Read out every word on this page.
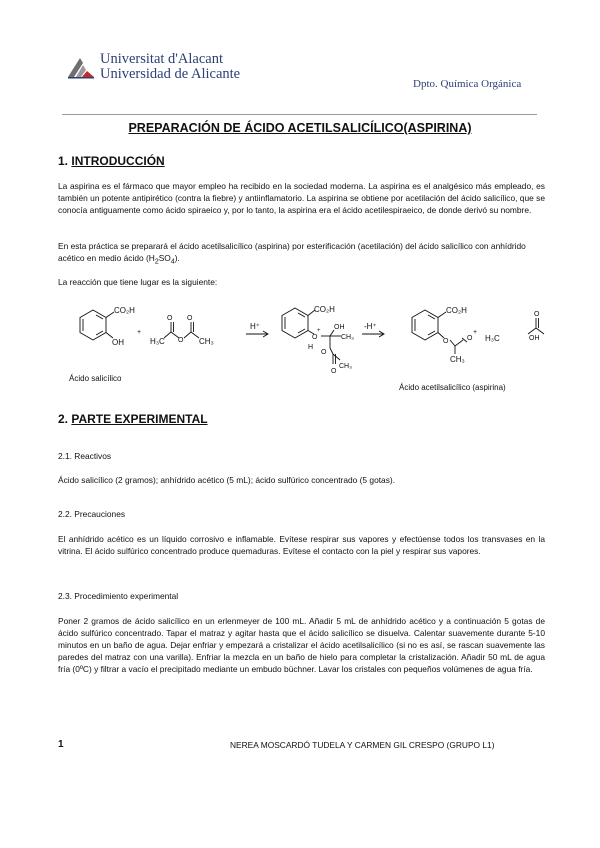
Universitat d'Alacant
Universidad de Alicante
Dpto. Química Orgánica
PREPARACIÓN DE ÁCIDO ACETILSALICÍLICO(ASPIRINA)
1. INTRODUCCIÓN
La aspirina es el fármaco que mayor empleo ha recibido en la sociedad moderna. La aspirina es el analgésico más empleado, es también un potente antipirético (contra la fiebre) y antiinflamatorio. La aspirina se obtiene por acetilación del ácido salicílico, que se conocía antiguamente como ácido spiraeico y, por lo tanto, la aspirina era el ácido acetilespiraeico, de donde derivó su nombre.
En esta práctica se preparará el ácido acetilsalicílico (aspirina) por esterificación (acetilación) del ácido salicílico con anhídrido acético en medio ácido $(H_2SO_4)$.
La reacción que tiene lugar es la siguiente:
CO₂H
OH
Ácido salicílico
+
H₃C
O
O
O
CH₃
H⁺
CO₂H
O
+
H
OH
CH₃
O
O
CH₃
-H⁺
CO₂H
O	O
CH₃
Ácido acetilsalicílico (aspirina)
+
H₃C
O
OH
2. PARTE EXPERIMENTAL
2.1. Reactivos
Ácido salicílico (2 gramos); anhídrido acético (5 mL); ácido sulfúrico concentrado (5 gotas).
2.2. Precauciones
El anhídrido acético es un líquido corrosivo e inflamable. Evítese respirar sus vapores y efectúense todos los transvases en la vitrina. El ácido sulfúrico concentrado produce quemaduras. Evítese el contacto con la piel y respirar sus vapores.
2.3. Procedimiento experimental
Poner 2 gramos de ácido salicílico en un erlenmeyer de 100 mL. Añadir 5 mL de anhídrido acético y a continuación 5 gotas de ácido sulfúrico concentrado. Tapar el matraz y agitar hasta que el ácido salicílico se disuelva. Calentar suavemente durante 5-10 minutos en un baño de agua. Dejar enfriar y empezará a cristalizar el ácido acetilsalicílico (si no es así, se rascan suavemente las paredes del matraz con una varilla). Enfriar la mezcla en un baño de hielo para completar la cristalización. Añadir 50 mL de agua fría (0ºC) y filtrar a vacío el precipitado mediante un embudo büchner. Lavar los cristales con pequeños volúmenes de agua fría.
1	NEREA MOSCARDÓ TUDELA Y CARMEN GIL CRESPO (GRUPO L1)
